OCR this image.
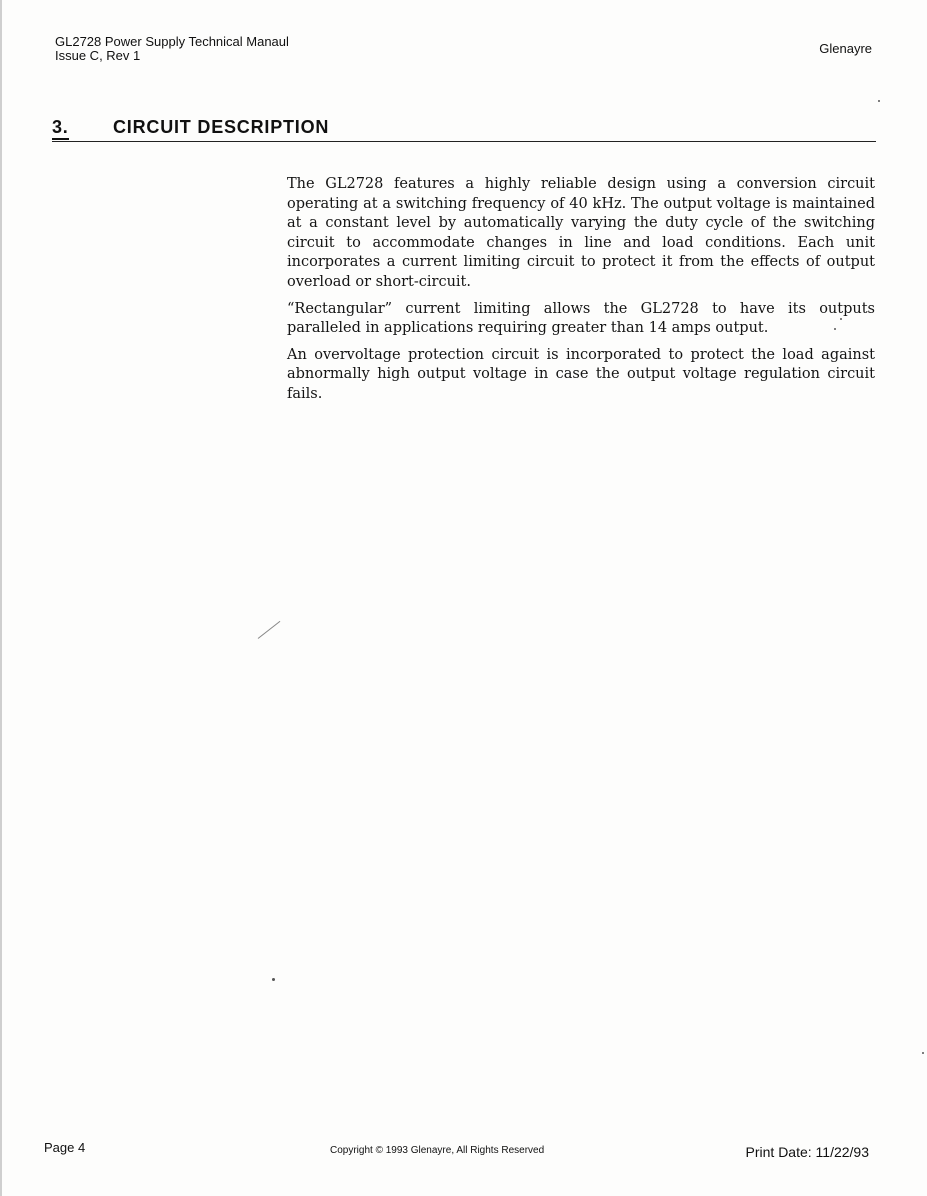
GL2728 Power Supply Technical Manaul
Issue C, Rev 1	Glenayre
3. CIRCUIT DESCRIPTION

The GL2728 features a highly reliable design using a conversion circuit operating at a switching frequency of 40 kHz. The output voltage is maintained at a constant level by automatically varying the duty cycle of the switching circuit to accommodate changes in line and load conditions. Each unit incorporates a current limiting circuit to protect it from the effects of output overload or short-circuit.

“Rectangular” current limiting allows the GL2728 to have its outputs paralleled in applications requiring greater than 14 amps output.

An overvoltage protection circuit is incorporated to protect the load against abnormally high output voltage in case the output voltage regulation circuit fails.

Page 4	Copyright © 1993 Glenayre, All Rights Reserved	Print Date: 11/22/93
